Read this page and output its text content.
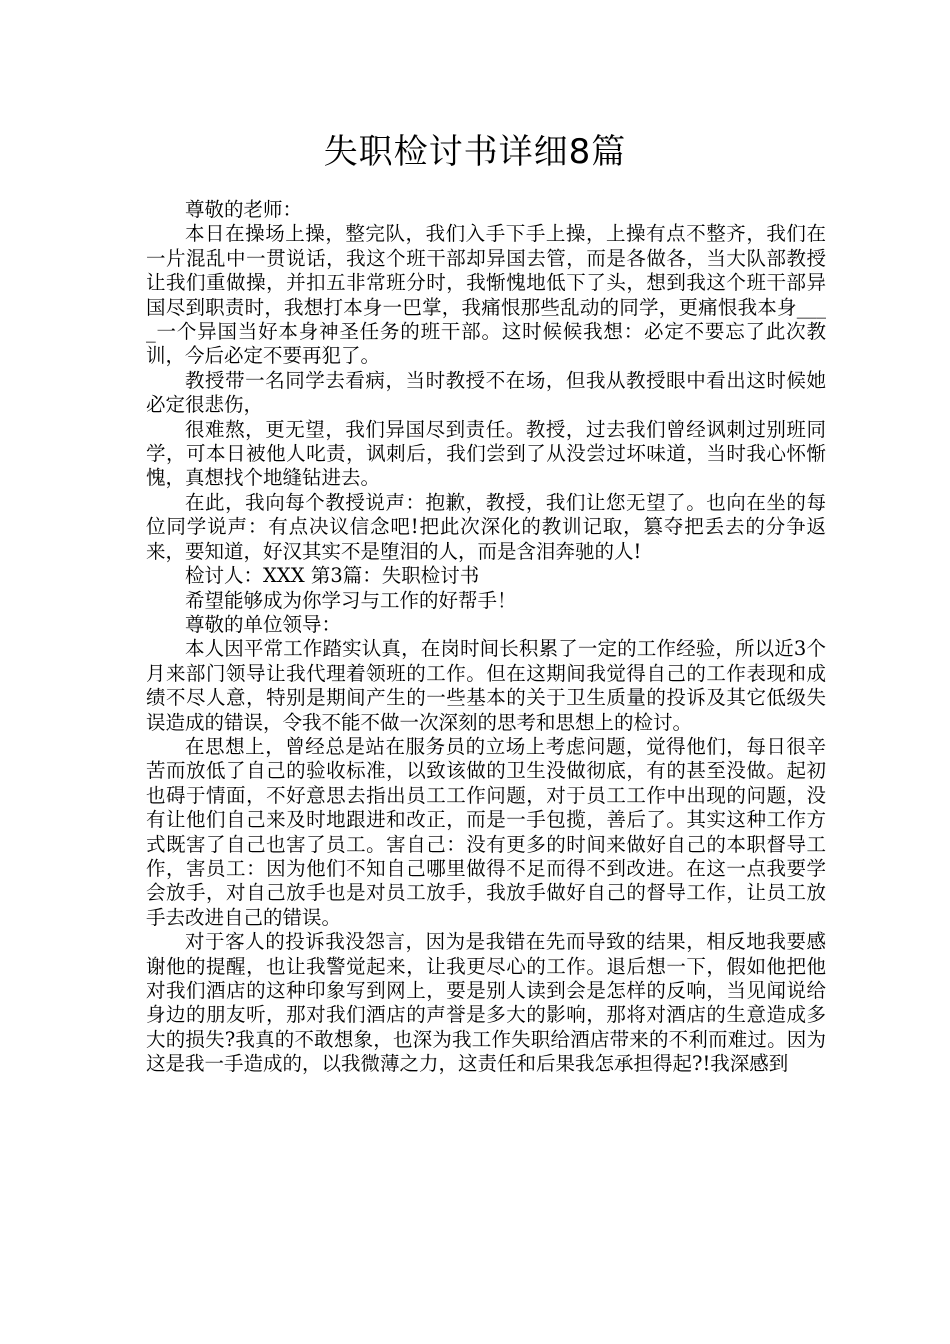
失职检讨书详细8篇

尊敬的老师：

本日在操场上操，整完队，我们入手下手上操，上操有点不整齐，我们在一片混乱中一贯说话，我这个班干部却异国去管，而是各做各，当大队部教授让我们重做操，并扣五非常班分时，我惭愧地低下了头，想到我这个班干部异国尽到职责时，我想打本身一巴掌，我痛恨那些乱动的同学，更痛恨我本身____一个异国当好本身神圣任务的班干部。这时候候我想：必定不要忘了此次教训，今后必定不要再犯了。

教授带一名同学去看病，当时教授不在场，但我从教授眼中看出这时候她必定很悲伤，

很难熬，更无望，我们异国尽到责任。教授，过去我们曾经讽刺过别班同学，可本日被他人叱责，讽刺后，我们尝到了从没尝过坏味道，当时我心怀惭愧，真想找个地缝钻进去。

在此，我向每个教授说声：抱歉，教授，我们让您无望了。也向在坐的每位同学说声：有点决议信念吧!把此次深化的教训记取，篡夺把丢去的分争返来，要知道，好汉其实不是堕泪的人，而是含泪奔驰的人!

检讨人：XXX 第3篇：失职检讨书

希望能够成为你学习与工作的好帮手！

尊敬的单位领导：

本人因平常工作踏实认真，在岗时间长积累了一定的工作经验，所以近3个月来部门领导让我代理着领班的工作。但在这期间我觉得自己的工作表现和成绩不尽人意，特别是期间产生的一些基本的关于卫生质量的投诉及其它低级失误造成的错误，令我不能不做一次深刻的思考和思想上的检讨。

在思想上，曾经总是站在服务员的立场上考虑问题，觉得他们，每日很辛苦而放低了自己的验收标准，以致该做的卫生没做彻底，有的甚至没做。起初也碍于情面，不好意思去指出员工工作问题，对于员工工作中出现的问题，没有让他们自己来及时地跟进和改正，而是一手包揽，善后了。其实这种工作方式既害了自己也害了员工。害自己：没有更多的时间来做好自己的本职督导工作，害员工：因为他们不知自己哪里做得不足而得不到改进。在这一点我要学会放手，对自己放手也是对员工放手，我放手做好自己的督导工作，让员工放手去改进自己的错误。

对于客人的投诉我没怨言，因为是我错在先而导致的结果，相反地我要感谢他的提醒，也让我警觉起来，让我更尽心的工作。退后想一下，假如他把他对我们酒店的这种印象写到网上，要是别人读到会是怎样的反响，当见闻说给身边的朋友听，那对我们酒店的声誉是多大的影响，那将对酒店的生意造成多大的损失?我真的不敢想象，也深为我工作失职给酒店带来的不利而难过。因为这是我一手造成的，以我微薄之力，这责任和后果我怎承担得起?!我深感到
